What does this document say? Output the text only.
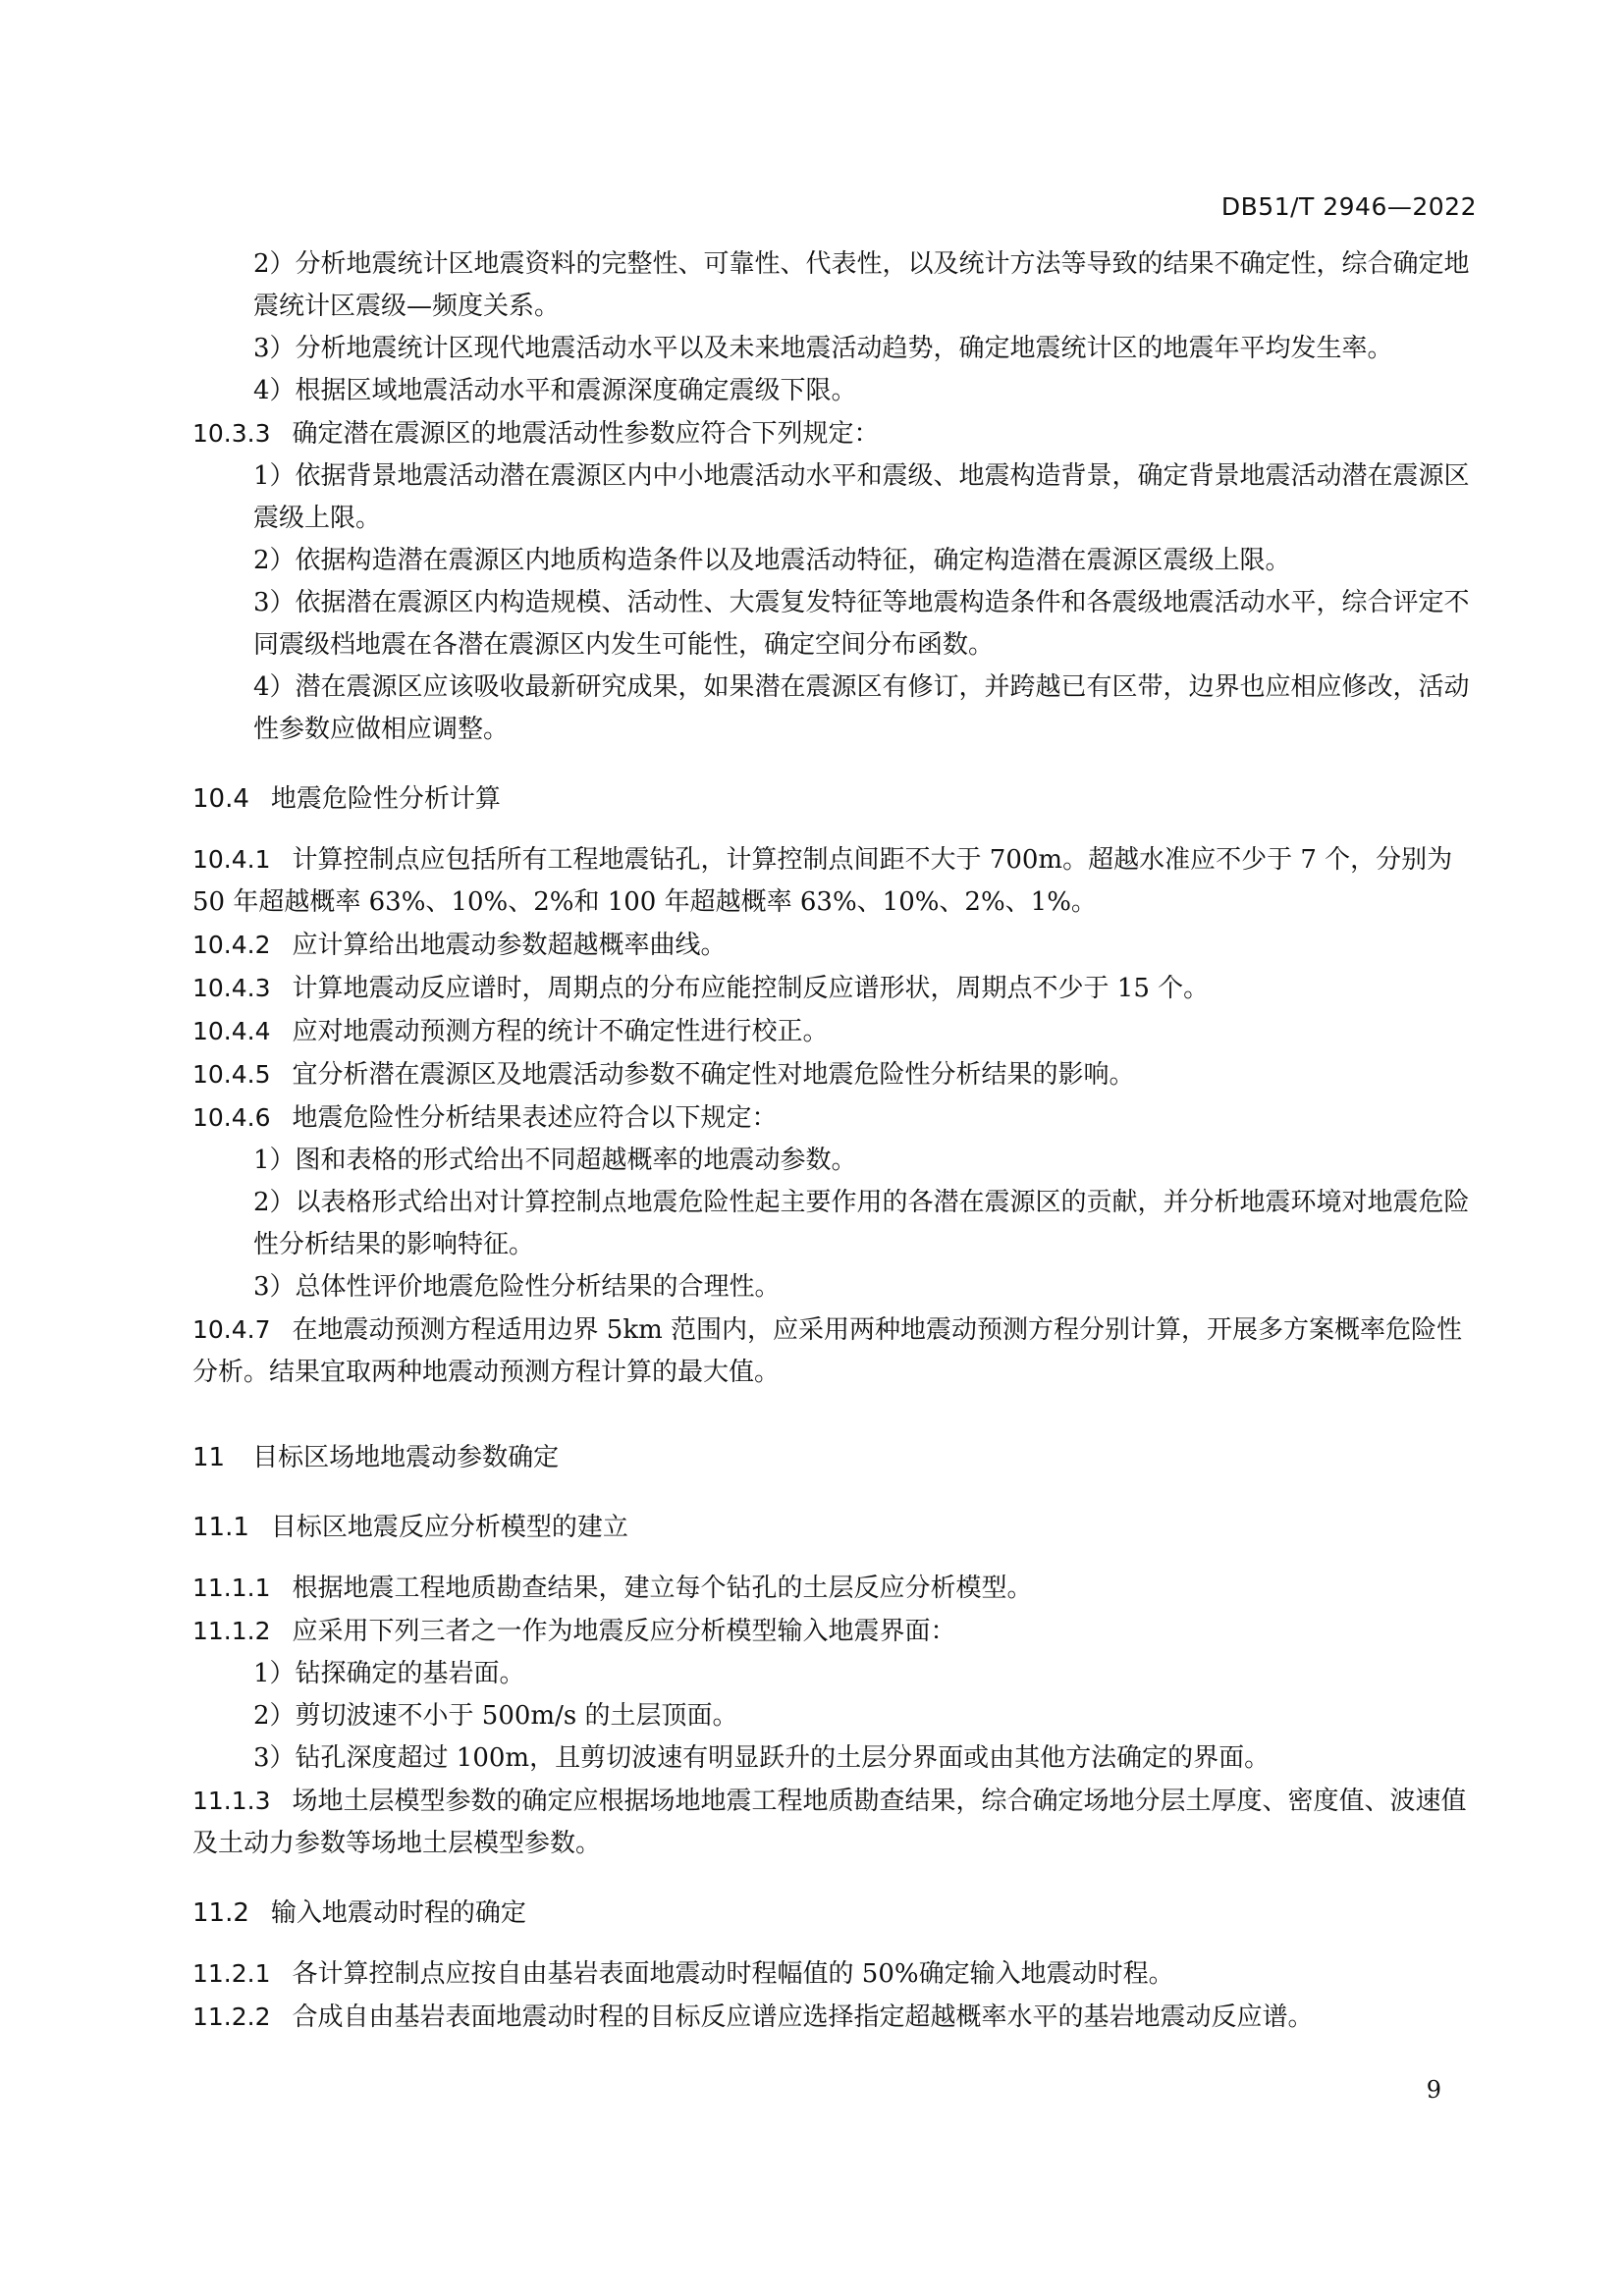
DB51/T 2946—2022

2）分析地震统计区地震资料的完整性、可靠性、代表性，以及统计方法等导致的结果不确定性，综合确定地震统计区震级—频度关系。

3）分析地震统计区现代地震活动水平以及未来地震活动趋势，确定地震统计区的地震年平均发生率。

4）根据区域地震活动水平和震源深度确定震级下限。

10.3.3 确定潜在震源区的地震活动性参数应符合下列规定：

1）依据背景地震活动潜在震源区内中小地震活动水平和震级、地震构造背景，确定背景地震活动潜在震源区震级上限。

2）依据构造潜在震源区内地质构造条件以及地震活动特征，确定构造潜在震源区震级上限。

3）依据潜在震源区内构造规模、活动性、大震复发特征等地震构造条件和各震级地震活动水平，综合评定不同震级档地震在各潜在震源区内发生可能性，确定空间分布函数。

4）潜在震源区应该吸收最新研究成果，如果潜在震源区有修订，并跨越已有区带，边界也应相应修改，活动性参数应做相应调整。

10.4 地震危险性分析计算

10.4.1 计算控制点应包括所有工程地震钻孔，计算控制点间距不大于 700m。超越水准应不少于 7 个，分别为 50 年超越概率 63%、10%、2%和 100 年超越概率 63%、10%、2%、1%。

10.4.2 应计算给出地震动参数超越概率曲线。

10.4.3 计算地震动反应谱时，周期点的分布应能控制反应谱形状，周期点不少于 15 个。

10.4.4 应对地震动预测方程的统计不确定性进行校正。

10.4.5 宜分析潜在震源区及地震活动参数不确定性对地震危险性分析结果的影响。

10.4.6 地震危险性分析结果表述应符合以下规定：

1）图和表格的形式给出不同超越概率的地震动参数。

2）以表格形式给出对计算控制点地震危险性起主要作用的各潜在震源区的贡献，并分析地震环境对地震危险性分析结果的影响特征。

3）总体性评价地震危险性分析结果的合理性。

10.4.7 在地震动预测方程适用边界 5km 范围内，应采用两种地震动预测方程分别计算，开展多方案概率危险性分析。结果宜取两种地震动预测方程计算的最大值。

11 目标区场地地震动参数确定
11.1 目标区地震反应分析模型的建立

11.1.1 根据地震工程地质勘查结果，建立每个钻孔的土层反应分析模型。

11.1.2 应采用下列三者之一作为地震反应分析模型输入地震界面：

1）钻探确定的基岩面。

2）剪切波速不小于 500m/s 的土层顶面。

3）钻孔深度超过 100m，且剪切波速有明显跃升的土层分界面或由其他方法确定的界面。

11.1.3 场地土层模型参数的确定应根据场地地震工程地质勘查结果，综合确定场地分层土厚度、密度值、波速值及土动力参数等场地土层模型参数。

11.2 输入地震动时程的确定

11.2.1 各计算控制点应按自由基岩表面地震动时程幅值的 50%确定输入地震动时程。

11.2.2 合成自由基岩表面地震动时程的目标反应谱应选择指定超越概率水平的基岩地震动反应谱。

9
